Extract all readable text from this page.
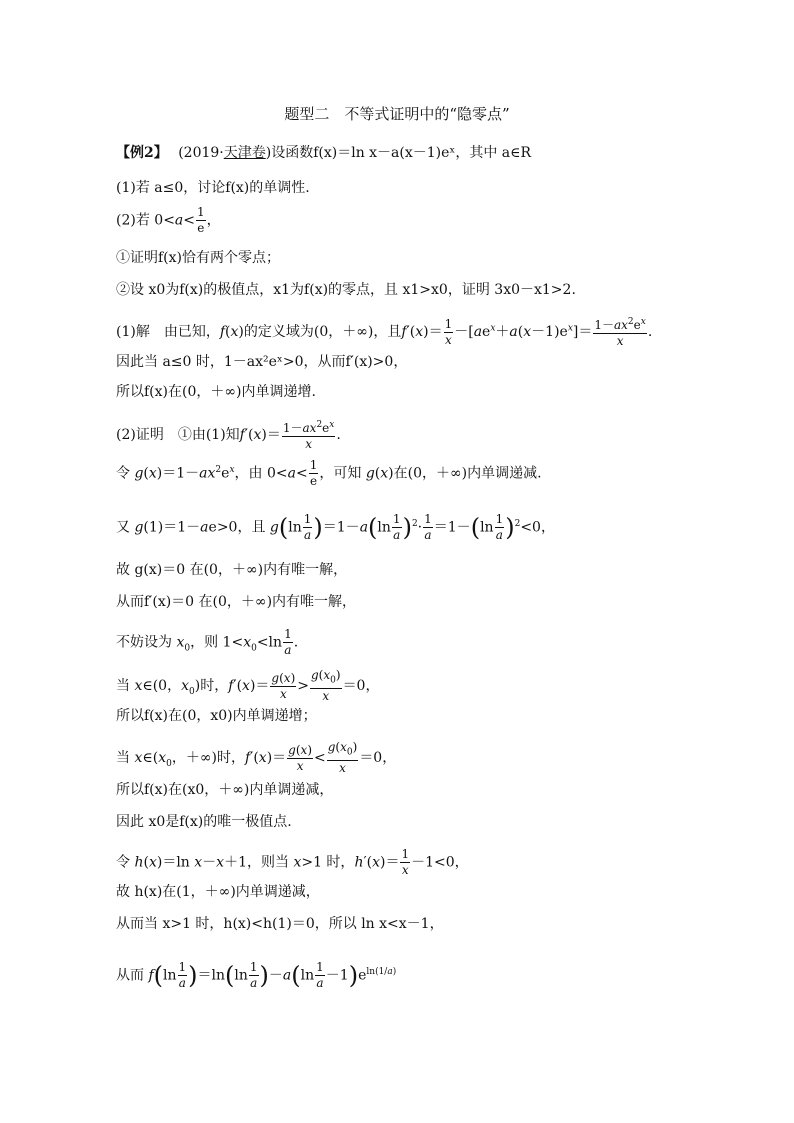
题型二　不等式证明中的“隐零点”
【例2】 (2019·天津卷)设函数f(x)＝ln x－a(x－1)eˣ，其中 a∈R
(1)若 a≤0，讨论f(x)的单调性.
(2)若 $0<a< \frac{1}{e}$ ，
①证明f(x)恰有两个零点；
②设 x0为f(x)的极值点，x1为f(x)的零点，且 x1>x0，证明 3x0－x1>2.
(1)解　由已知，f(x)的定义域为(0，＋∞)，且$f'(x)= \frac{1}{x} -[ae^x+a(x-1)e^x]= \frac{1-ax^2e^x}{x}$ .
因此当 a≤0 时，1－ax²eˣ>0，从而f′(x)>0，
所以f(x)在(0，＋∞)内单调递增.
(2)证明　①由(1)知$f'(x)= \frac{1-ax^2e^x}{x}$ .
令 $g(x)=1-ax^2e^x$，由 $0<a< \frac{1}{e}$ ，可知 g(x)在(0，＋∞)内单调递减.
又 g(1)＝1－ae>0，且 $g(\ln \frac{1}{a} )=1-a(\ln \frac{1}{a} )^2\cdot \frac{1}{a} =1-(\ln \frac{1}{a} )^2<0$，
故 g(x)＝0 在(0，＋∞)内有唯一解，
从而f′(x)＝0 在(0，＋∞)内有唯一解，
不妨设为 $x_0$，则 $1<x_0<\ln \frac{1}{a}$ .
当 x∈(0，$x_0$)时，$f'(x)= \frac{g(x)}{x} > \frac{g(x_0)}{x} =0$，
所以f(x)在(0，x0)内单调递增；
当 $x\in(x_0$，＋∞)时，$f'(x)= \frac{g(x)}{x} < \frac{g(x_0)}{x} =0$，
所以f(x)在(x0，＋∞)内单调递减，
因此 x0是f(x)的唯一极值点.
令 h(x)＝ln x－x＋1，则当 x>1 时，$h'(x)= \frac{1}{x} -1<0$，
故 h(x)在(1，＋∞)内单调递减，
从而当 x>1 时，h(x)<h(1)＝0，所以 ln x<x－1，
从而 $f(\ln \frac{1}{a} )=\ln(\ln \frac{1}{a} )-a(\ln \frac{1}{a} -1)e^{ln(1/a)}$
